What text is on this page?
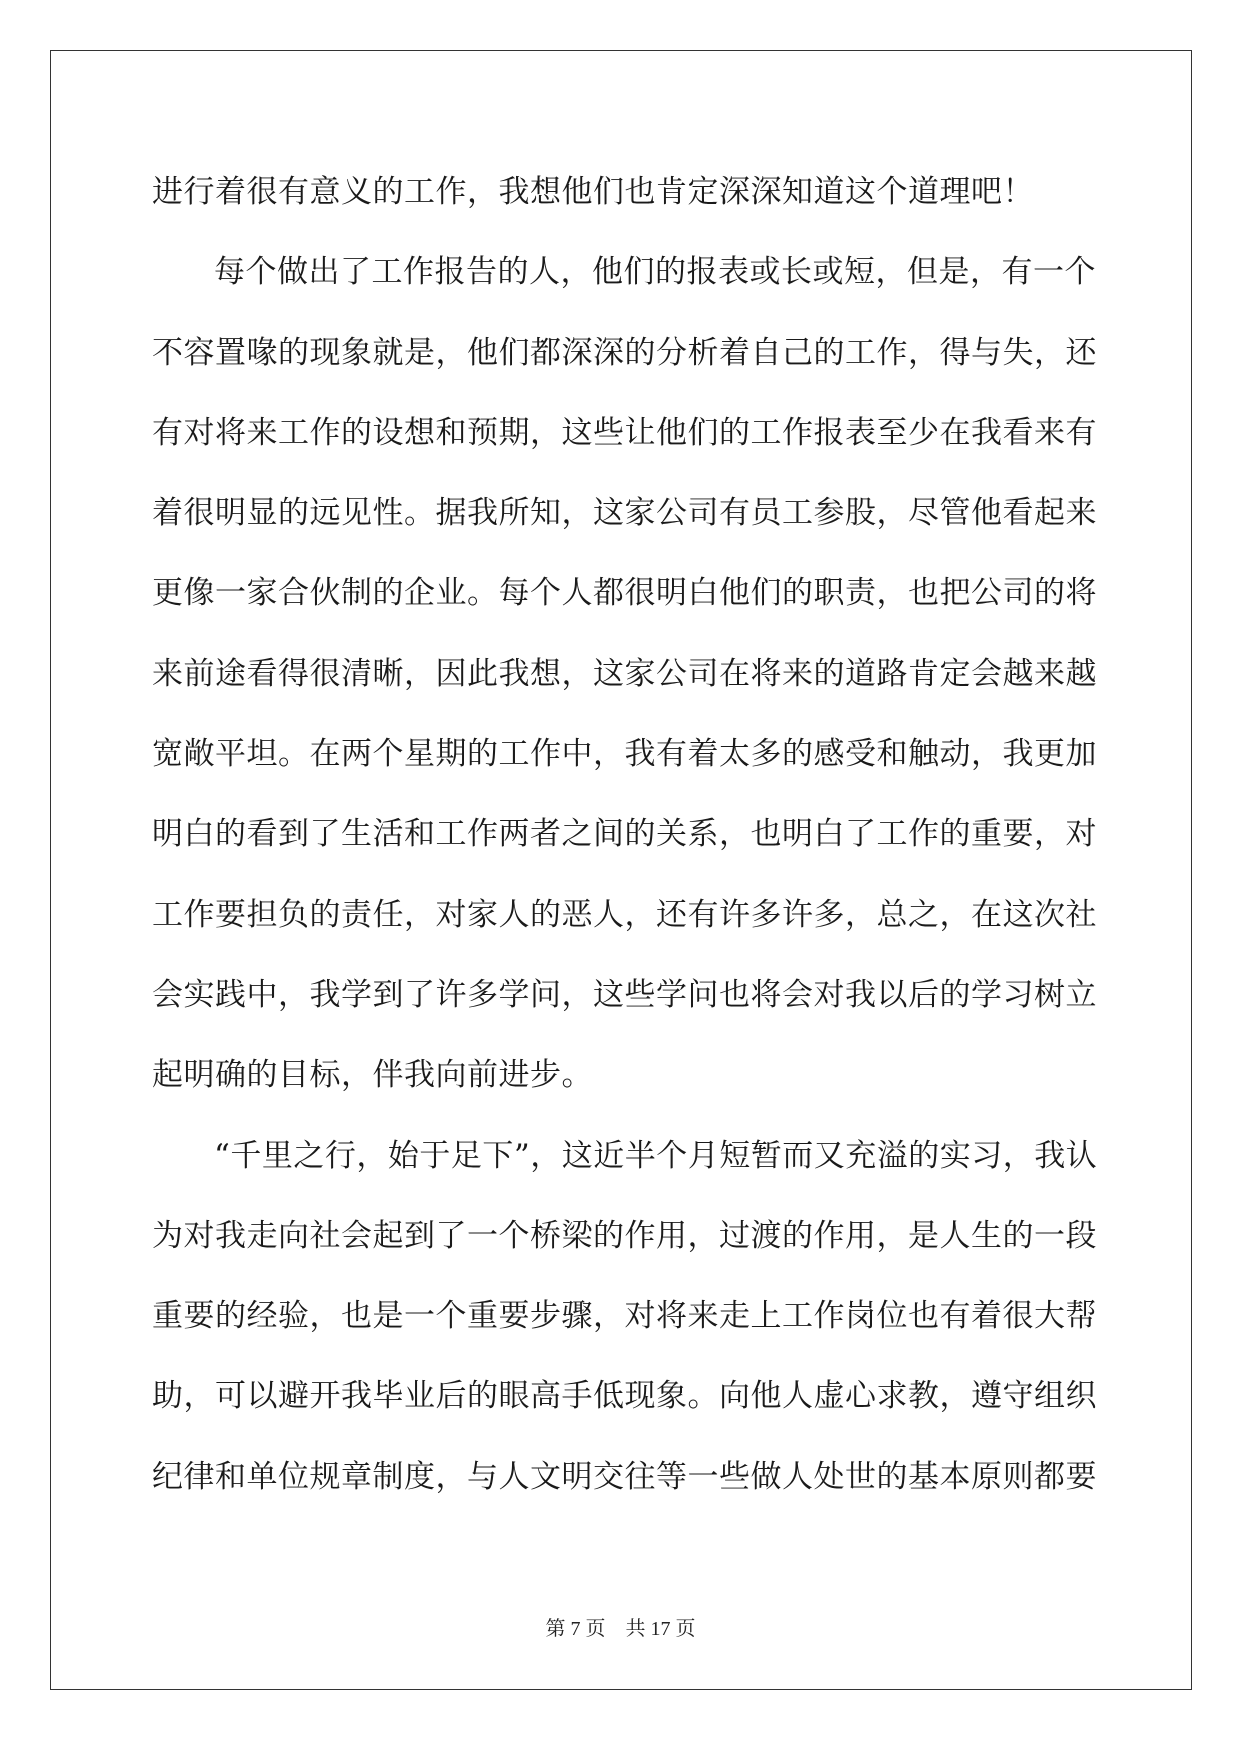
进行着很有意义的工作，我想他们也肯定深深知道这个道理吧！
每个做出了工作报告的人，他们的报表或长或短，但是，有一个
不容置喙的现象就是，他们都深深的分析着自己的工作，得与失，还
有对将来工作的设想和预期，这些让他们的工作报表至少在我看来有
着很明显的远见性。据我所知，这家公司有员工参股，尽管他看起来
更像一家合伙制的企业。每个人都很明白他们的职责，也把公司的将
来前途看得很清晰，因此我想，这家公司在将来的道路肯定会越来越
宽敞平坦。在两个星期的工作中，我有着太多的感受和触动，我更加
明白的看到了生活和工作两者之间的关系，也明白了工作的重要，对
工作要担负的责任，对家人的恶人，还有许多许多，总之，在这次社
会实践中，我学到了许多学问，这些学问也将会对我以后的学习树立
起明确的目标，伴我向前进步。
“千里之行，始于足下”，这近半个月短暂而又充溢的实习，我认
为对我走向社会起到了一个桥梁的作用，过渡的作用，是人生的一段
重要的经验，也是一个重要步骤，对将来走上工作岗位也有着很大帮
助，可以避开我毕业后的眼高手低现象。向他人虚心求教，遵守组织
纪律和单位规章制度，与人文明交往等一些做人处世的基本原则都要
第 7 页    共 17 页
